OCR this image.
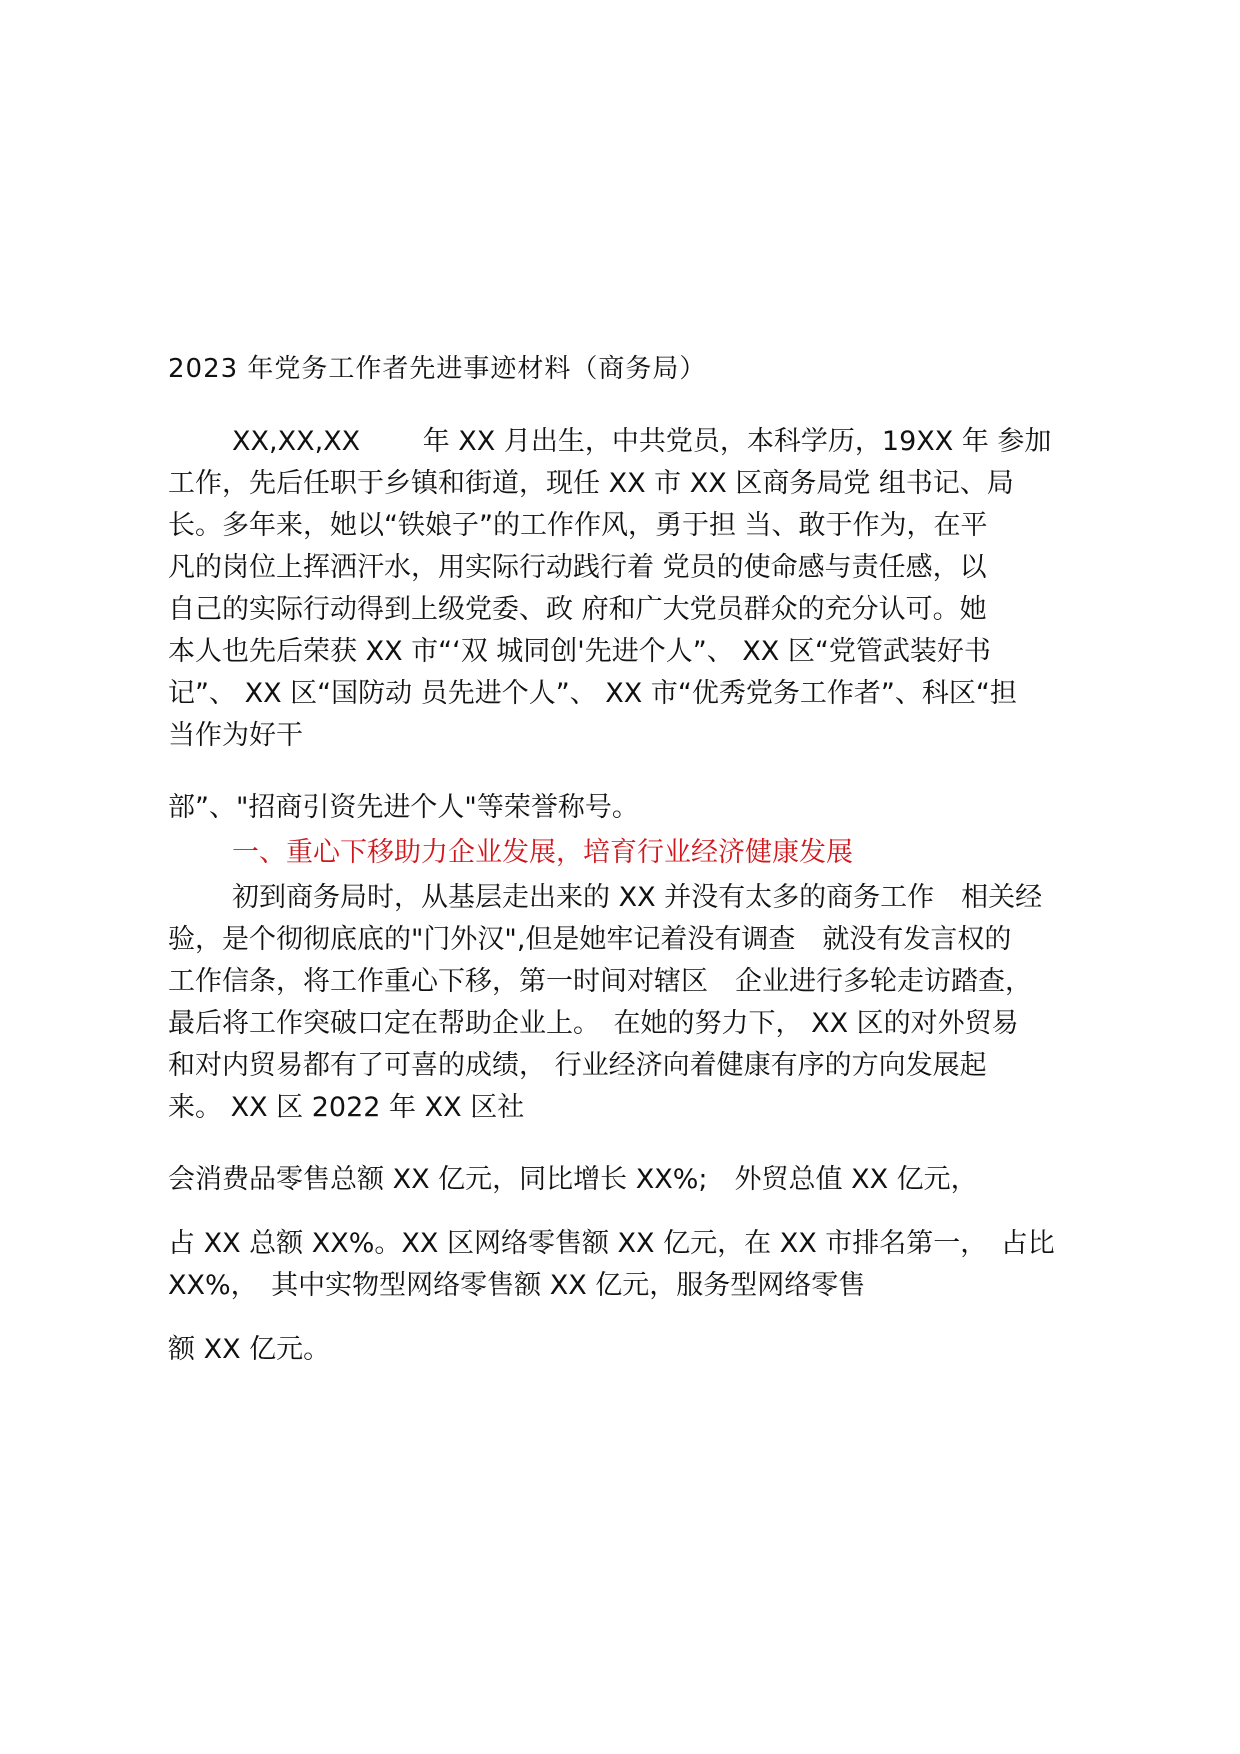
2023 年党务工作者先进事迹材料（商务局）
XX,XX,XX　　 年 XX 月出生，中共党员，本科学历，19XX 年 参加
工作，先后任职于乡镇和街道，现任 XX 市 XX 区商务局党 组书记、局
长。多年来，她以“铁娘子”的工作作风，勇于担 当、敢于作为，在平
凡的岗位上挥洒汗水，用实际行动践行着 党员的使命感与责任感，以
自己的实际行动得到上级党委、政 府和广大党员群众的充分认可。她
本人也先后荣获 XX 市“‘双 城同创'先进个人”、 XX 区“党管武装好书
记”、 XX 区“国防动 员先进个人”、 XX 市“优秀党务工作者”、科区“担
当作为好干
部”、"招商引资先进个人"等荣誉称号。
一、重心下移助力企业发展，培育行业经济健康发展
初到商务局时，从基层走出来的 XX 并没有太多的商务工作　相关经
验，是个彻彻底底的"门外汉",但是她牢记着没有调查　就没有发言权的
工作信条，将工作重心下移，第一时间对辖区　企业进行多轮走访踏查，
最后将工作突破口定在帮助企业上。　在她的努力下， XX 区的对外贸易
和对内贸易都有了可喜的成绩， 行业经济向着健康有序的方向发展起
来。 XX 区 2022 年 XX 区社
会消费品零售总额 XX 亿元，同比增长 XX%;　外贸总值 XX 亿元，
占 XX 总额 XX%。XX 区网络零售额 XX 亿元，在 XX 市排名第一，　占比
XX%，　其中实物型网络零售额 XX 亿元，服务型网络零售
额 XX 亿元。
